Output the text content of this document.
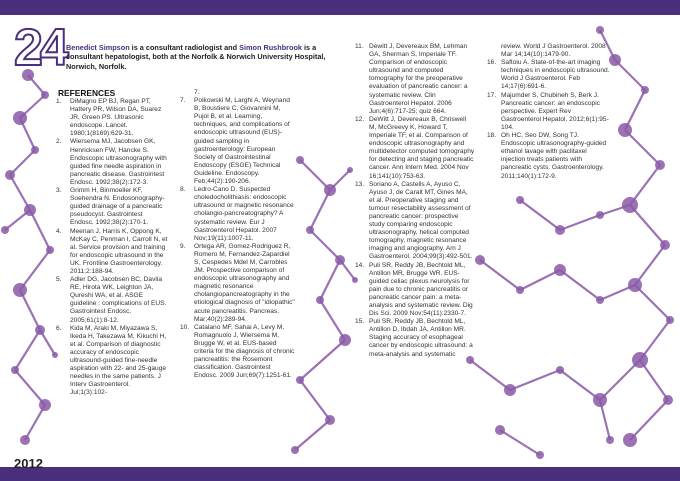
24 Benedict Simpson is a consultant radiologist and Simon Rushbrook is a consultant hepatologist, both at the Norfolk & Norwich University Hospital, Norwich, Norfolk.
REFERENCES
1. DiMagno EP BJ, Regan PT, Hattery PR, Wilson DA, Suarez JR, Green PS. Ultrasonic endoscope. Lancet. 1980;1(8169):629-31.
2. Wiersema MJ, Jacobsen GK, Henricksen FW, Hancke S. Endoscopic ultrasonography with guided fine needle aspiration in pancreatic disease. Gastrointest Endosc. 1992;38(2):172-3.
3. Grimm H, Binmoeller KF, Soehendra N. Endosonography-guided drainage of a pancreatic pseudocyst. Gastrointest Endosc. 1992;38(2):170-1.
4. Meenan J, Harris K, Oppong K, McKay C, Penman I, Carroll N, et al. Service provision and training for endoscopic ultrasound in the UK. Frontline Gastroenterology. 2011;2:188-94.
5. Adler DG, Jacobsen BC, Davila RE, Hirota WK, Leighton JA, Qureshi WA, et al. ASGE guideline : complications of EUS. Gastrointest Endosc. 2005;61(1):8-12.
6. Kida M, Araki M, Miyazawa S, Ikeda H, Takezawa M, Kikuchi H, et al. Comparison of diagnostic accuracy of endoscopic ultrasound-guided fine-needle aspiration with 22- and 25-gauge needles in the same patients. J Interv Gastroenterol. Jul;1(3):102-
7.
7. Polkowski M, Larghi A, Weynand B, Boustiere C, Giovannini M, Pujol B, et al. Learning, techniques, and complications of endoscopic ultrasound (EUS)-guided sampling in gastroenterology: European Society of Gastrointestinal Endoscopy (ESGE) Technical Guideline. Endoscopy. Feb;44(2):190-206.
8. Ledro-Cano D. Suspected choledocholithiasis: endoscopic ultrasound or magnetic resonance cholangio-pancreatography? A systematic review. Eur J Gastroenterol Hepatol. 2007 Nov;19(11):1007-11.
9. Ortega AR, Gomez-Rodriguez R, Romero M, Fernandez-Zapardiel S, Cespedes Mdel M, Carrobles JM. Prospective comparison of endoscopic ultrasonography and magnetic resonance cholangiopancreatography in the etiological diagnosis of "idiopathic" acute pancreatitis. Pancreas. Mar;40(2):289-94.
10. Catalano MF, Sahai A, Levy M, Romagnuolo J, Wiersema M, Brugge W, et al. EUS-based criteria for the diagnosis of chronic pancreatitis: the Rosemont classification. Gastrointest Endosc. 2009 Jun;69(7):1251-61.
11. Dewitt J, Devereaux BM, Lehman GA, Sherman S, Imperiale TF. Comparison of endoscopic ultrasound and computed tomography for the preoperative evaluation of pancreatic cancer: a systematic review. Clin Gastroenterol Hepatol. 2006 Jun;4(6):717-25; quiz 664.
12. DeWitt J, Devereaux B, Chriswell M, McGreevy K, Howard T, Imperiale TF, et al. Comparison of endoscopic ultrasonography and multidetector computed tomography for detecting and staging pancreatic cancer. Ann Intern Med. 2004 Nov 16;141(10):753-63.
13. Soriano A, Castells A, Ayuso C, Ayuso J, de Caralt MT, Gines MA, et al. Preoperative staging and tumour resectability assessment of pancreatic cancer: prospective study comparing endoscopic ultrasonography, helical computed tomography, magnetic resonance imaging and angiography. Am J Gastroenterol. 2004;99(3):492-501.
14. Puli SR, Reddy JB, Bechtold ML, Antillon MR, Brugge WR. EUS-guided celiac plexus neurolysis for pain due to chronic pancreatitis or pancreatic cancer pain: a meta-analysis and systematic review. Dig Dis Sci. 2009 Nov;54(11):2330-7.
15. Puli SR, Reddy JB, Bechtold ML, Antillon D, Ibdah JA, Antillon MR. Staging accuracy of esophageal cancer by endoscopic ultrasound: a meta-analysis and systematic
review. World J Gastroenterol. 2008 Mar 14;14(10):1479-90.
16. Saftoiu A. State-of-the-art imaging techniques in endoscopic ultrasound. World J Gastroenterol. Feb 14;17(6):691-6.
17. Majumder S, Chubineh S, Berk J. Pancreatic cancer: an endoscopic perspective. Expert Rev Gastroenterol Hepatol. 2012;6(1):95-104.
18. Oh HC, Seo DW, Song TJ. Endoscopic ultrasonography-guided ethanol lavage with paclitaxel injection treats patients with pancreatic cysts. Gastroenterology. 2011;140(1):172-9.
2012
